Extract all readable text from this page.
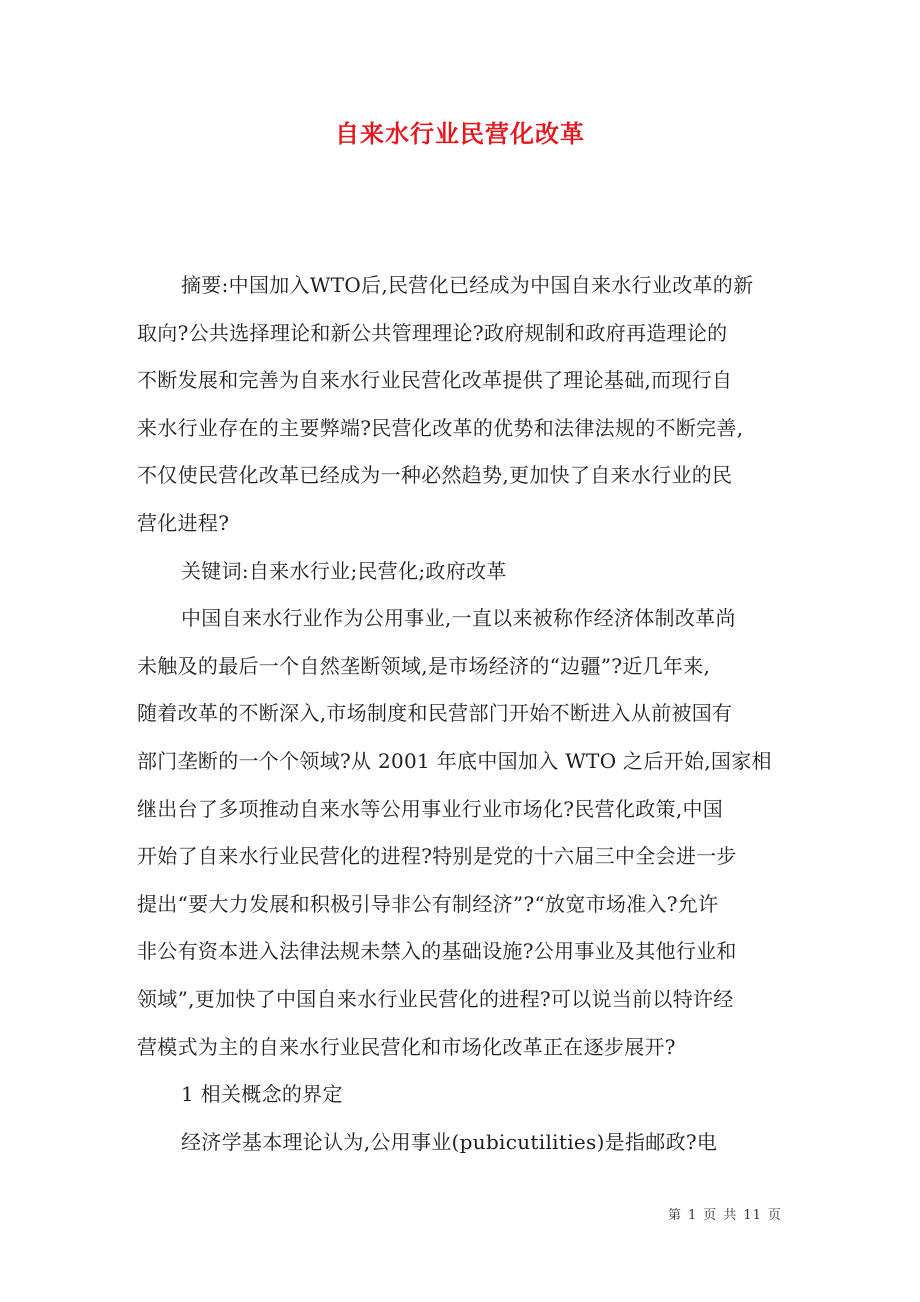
自来水行业民营化改革
摘要:中国加入WTO后,民营化已经成为中国自来水行业改革的新
取向?公共选择理论和新公共管理理论?政府规制和政府再造理论的
不断发展和完善为自来水行业民营化改革提供了理论基础,而现行自
来水行业存在的主要弊端?民营化改革的优势和法律法规的不断完善,
不仅使民营化改革已经成为一种必然趋势,更加快了自来水行业的民
营化进程?
关键词:自来水行业;民营化;政府改革
中国自来水行业作为公用事业,一直以来被称作经济体制改革尚
未触及的最后一个自然垄断领域,是市场经济的“边疆”?近几年来,
随着改革的不断深入,市场制度和民营部门开始不断进入从前被国有
部门垄断的一个个领域?从 2001 年底中国加入 WTO 之后开始,国家相
继出台了多项推动自来水等公用事业行业市场化?民营化政策,中国
开始了自来水行业民营化的进程?特别是党的十六届三中全会进一步
提出“要大力发展和积极引导非公有制经济”?“放宽市场准入?允许
非公有资本进入法律法规未禁入的基础设施?公用事业及其他行业和
领域”,更加快了中国自来水行业民营化的进程?可以说当前以特许经
营模式为主的自来水行业民营化和市场化改革正在逐步展开?
1 相关概念的界定
经济学基本理论认为,公用事业(pubicutilities)是指邮政?电
第 1 页 共 11 页
